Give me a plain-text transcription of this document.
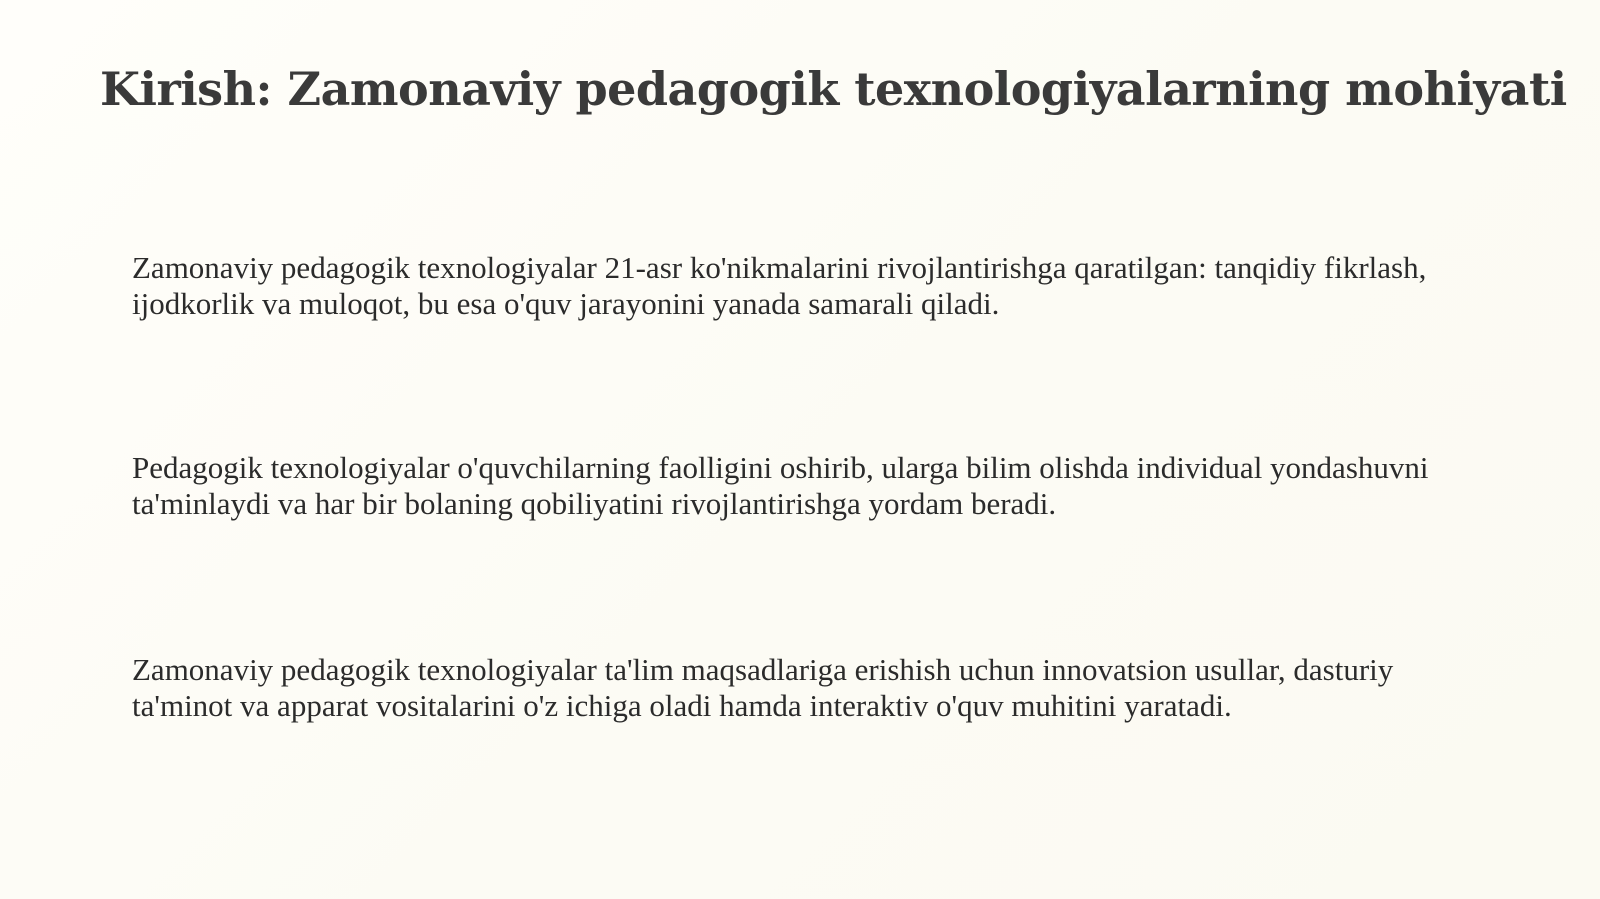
Kirish: Zamonaviy pedagogik texnologiyalarning mohiyati

Zamonaviy pedagogik texnologiyalar 21-asr ko'nikmalarini rivojlantirishga qaratilgan: tanqidiy fikrlash, ijodkorlik va muloqot, bu esa o'quv jarayonini yanada samarali qiladi.

Pedagogik texnologiyalar o'quvchilarning faolligini oshirib, ularga bilim olishda individual yondashuvni ta'minlaydi va har bir bolaning qobiliyatini rivojlantirishga yordam beradi.

Zamonaviy pedagogik texnologiyalar ta'lim maqsadlariga erishish uchun innovatsion usullar, dasturiy ta'minot va apparat vositalarini o'z ichiga oladi hamda interaktiv o'quv muhitini yaratadi.
